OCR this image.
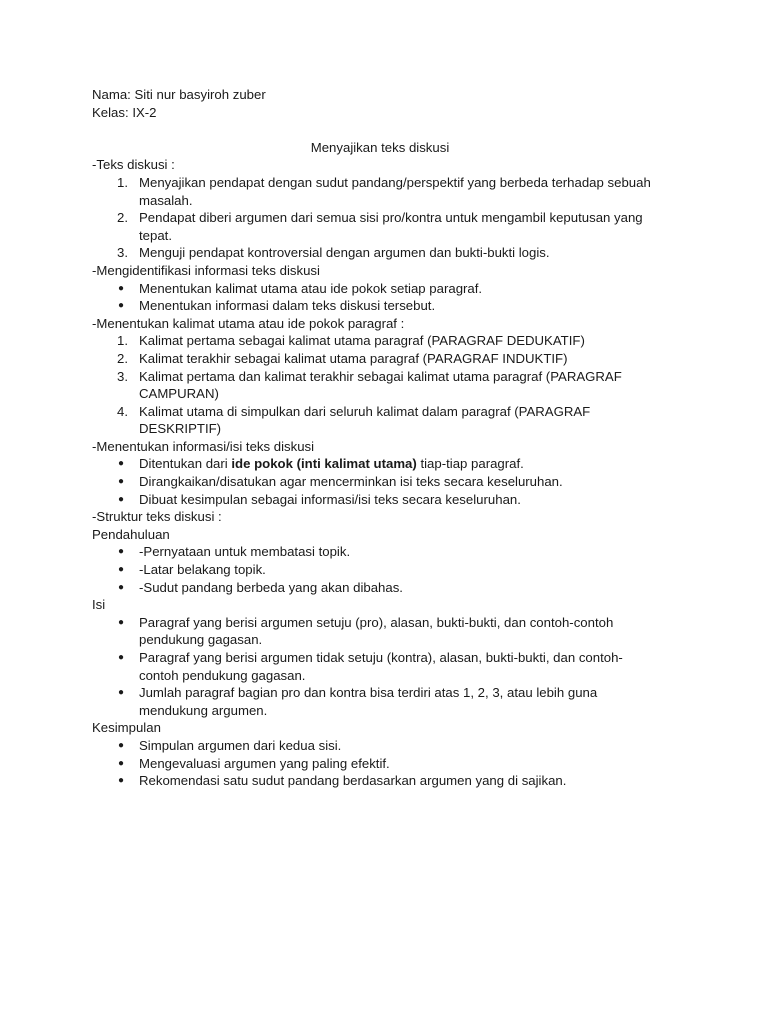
Nama: Siti nur basyiroh zuber
Kelas: IX-2
Menyajikan teks diskusi
-Teks diskusi :
1. Menyajikan pendapat dengan sudut pandang/perspektif yang berbeda terhadap sebuah masalah.
2. Pendapat diberi argumen dari semua sisi pro/kontra untuk mengambil keputusan yang tepat.
3. Menguji pendapat kontroversial dengan argumen dan bukti-bukti logis.
-Mengidentifikasi informasi teks diskusi
● Menentukan kalimat utama atau ide pokok setiap paragraf.
● Menentukan informasi dalam teks diskusi tersebut.
-Menentukan kalimat utama atau ide pokok paragraf :
1. Kalimat pertama sebagai kalimat utama paragraf (PARAGRAF DEDUKATIF)
2. Kalimat terakhir sebagai kalimat utama paragraf (PARAGRAF INDUKTIF)
3. Kalimat pertama dan kalimat terakhir sebagai kalimat utama paragraf (PARAGRAF CAMPURAN)
4. Kalimat utama di simpulkan dari seluruh kalimat dalam paragraf (PARAGRAF DESKRIPTIF)
-Menentukan informasi/isi teks diskusi
● Ditentukan dari ide pokok (inti kalimat utama) tiap-tiap paragraf.
● Dirangkaikan/disatukan agar mencerminkan isi teks secara keseluruhan.
● Dibuat kesimpulan sebagai informasi/isi teks secara keseluruhan.
-Struktur teks diskusi :
Pendahuluan
● -Pernyataan untuk membatasi topik.
● -Latar belakang topik.
● -Sudut pandang berbeda yang akan dibahas.
Isi
● Paragraf yang berisi argumen setuju (pro), alasan, bukti-bukti, dan contoh-contoh pendukung gagasan.
● Paragraf yang berisi argumen tidak setuju (kontra), alasan, bukti-bukti, dan contoh-contoh pendukung gagasan.
● Jumlah paragraf bagian pro dan kontra bisa terdiri atas 1, 2, 3, atau lebih guna mendukung argumen.
Kesimpulan
● Simpulan argumen dari kedua sisi.
● Mengevaluasi argumen yang paling efektif.
● Rekomendasi satu sudut pandang berdasarkan argumen yang di sajikan.
